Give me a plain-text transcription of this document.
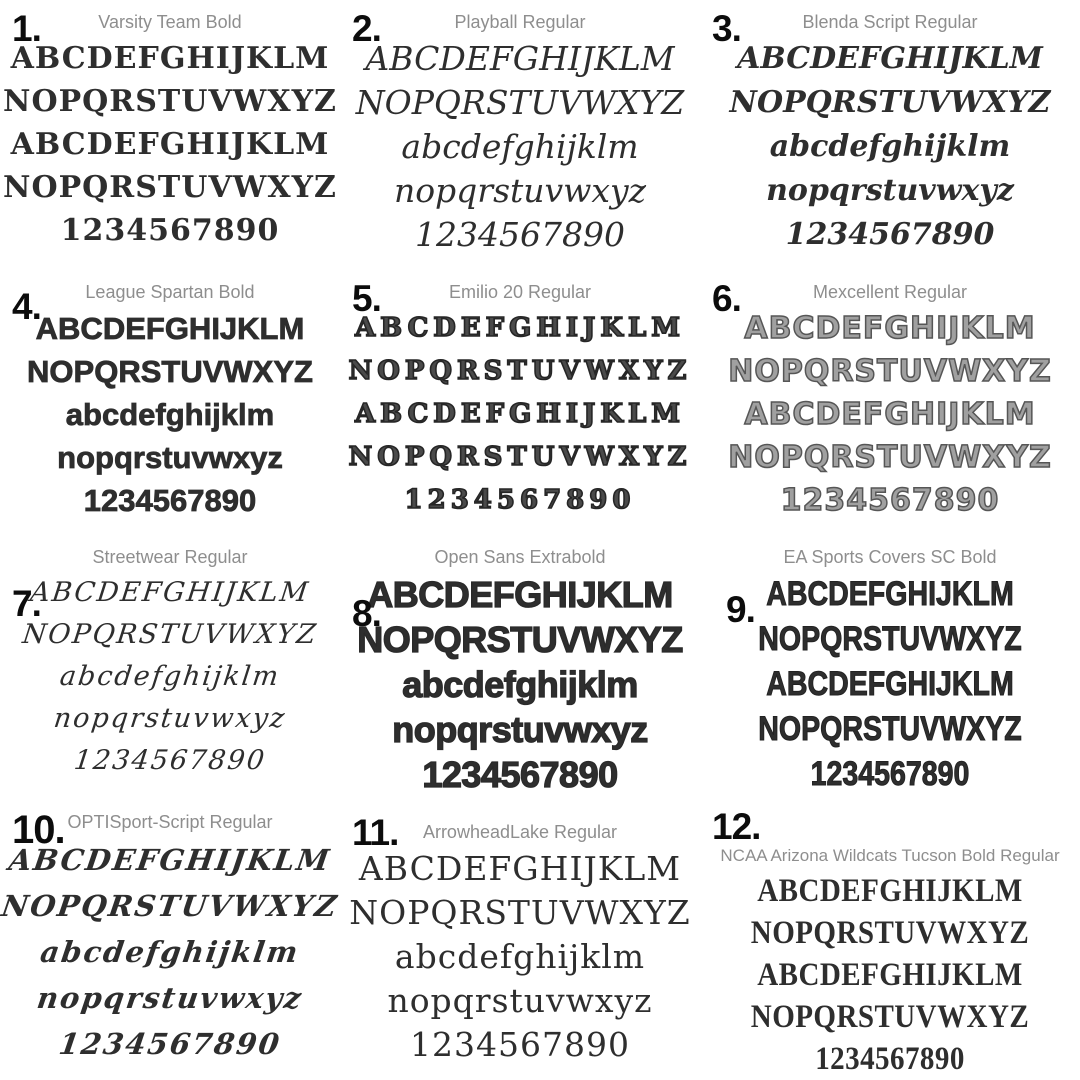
1.	Varsity Team Bold
ABCDEFGHIJKLM
NOPQRSTUVWXYZ
ABCDEFGHIJKLM
NOPQRSTUVWXYZ
1234567890
2.	Playball Regular
ABCDEFGHIJKLM
NOPQRSTUVWXYZ
abcdefghijklm
nopqrstuvwxyz
1234567890
3.	Blenda Script Regular
ABCDEFGHIJKLM
NOPQRSTUVWXYZ
abcdefghijklm
nopqrstuvwxyz
1234567890
4.	League Spartan Bold
ABCDEFGHIJKLM
NOPQRSTUVWXYZ
abcdefghijklm
nopqrstuvwxyz
1234567890
5.	Emilio 20 Regular
ABCDEFGHIJKLM
NOPQRSTUVWXYZ
ABCDEFGHIJKLM
NOPQRSTUVWXYZ
1234567890
6.	Mexcellent Regular
ABCDEFGHIJKLM
NOPQRSTUVWXYZ
ABCDEFGHIJKLM
NOPQRSTUVWXYZ
1234567890
7.
Streetwear Regular
ABCDEFGHIJKLM
NOPQRSTUVWXYZ
abcdefghijklm
nopqrstuvwxyz
1234567890
8.
Open Sans Extrabold
ABCDEFGHIJKLM
NOPQRSTUVWXYZ
abcdefghijklm
nopqrstuvwxyz
1234567890
9.
EA Sports Covers SC Bold
ABCDEFGHIJKLM
NOPQRSTUVWXYZ
ABCDEFGHIJKLM
NOPQRSTUVWXYZ
1234567890
10. OPTISport-Script Regular
ABCDEFGHIJKLM
NOPQRSTUVWXYZ
abcdefghijklm
nopqrstuvwxyz
1234567890
11.	ArrowheadLake Regular
ABCDEFGHIJKLM
NOPQRSTUVWXYZ
abcdefghijklm
nopqrstuvwxyz
1234567890
12.
NCAA Arizona Wildcats Tucson Bold Regular
ABCDEFGHIJKLM
NOPQRSTUVWXYZ
ABCDEFGHIJKLM
NOPQRSTUVWXYZ
1234567890
